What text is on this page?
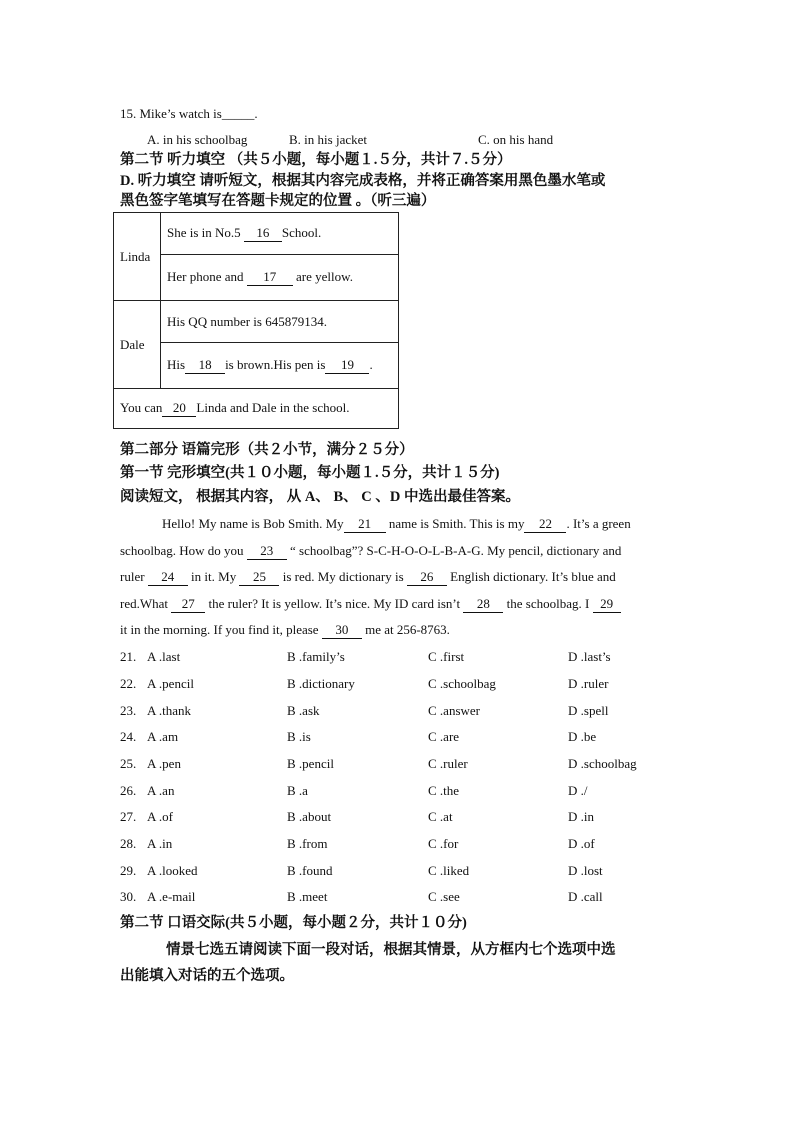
15. Mike’s watch is_____.
A. in his schoolbag	B. in his jacket	C. on his hand
第二节 听力填空 （共５小题，每小题１.５分，共计７.５分）
D. 听力填空 请听短文，根据其内容完成表格，并将正确答案用黑色墨水笔或
黑色签字笔填写在答题卡规定的位置 。（听三遍）
Linda	She is in No.5 16 School.
	Her phone and 17 are yellow.
Dale	His QQ number is 645879134.
	His 18 is brown.His pen is 19 .
You can 20 Linda and Dale in the school.	
第二部分 语篇完形（共２小节，满分２５分）
第一节 完形填空(共１０小题，每小题１.５分，共计１５分)
阅读短文， 根据其内容， 从 A、 B、 C 、D 中选出最佳答案。
Hello! My name is Bob Smith. My 21 name is Smith. This is my 22 . It’s a green
schoolbag. How do you 23 “ schoolbag”? S-C-H-O-O-L-B-A-G. My pencil, dictionary and
ruler 24 in it. My 25 is red. My dictionary is 26 English dictionary. It’s blue and
red.What 27 the ruler? It is yellow. It’s nice. My ID card isn’t 28 the schoolbag. I 29
it in the morning. If you find it, please 30 me at 256-8763.
21. A .last	B .family’s	C .first	D .last’s
22. A .pencil	B .dictionary	C .schoolbag	D .ruler
23. A .thank	B .ask	C .answer	D .spell
24. A .am	B .is	C .are	D .be
25. A .pen	B .pencil	C .ruler	D .schoolbag
26. A .an	B .a	C .the	D ./
27. A .of	B .about	C .at	D .in
28. A .in	B .from	C .for	D .of
29. A .looked	B .found	C .liked	D .lost
30. A .e-mail	B .meet	C .see	D .call
第二节 口语交际(共５小题，每小题２分，共计１０分)
情景七选五请阅读下面一段对话，根据其情景，从方框内七个选项中选
出能填入对话的五个选项。
